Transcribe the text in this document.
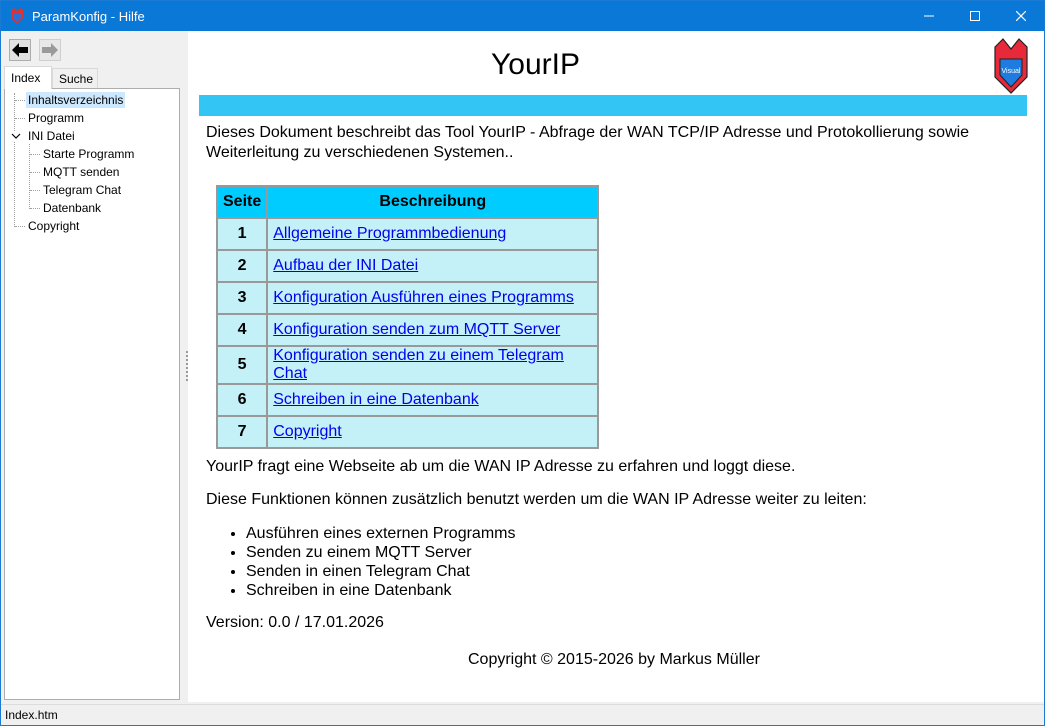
ParamKonfig - Hilfe
Index	Suche
Inhaltsverzeichnis
Programm
INI Datei
Starte Programm
MQTT senden
Telegram Chat
Datenbank
Copyright
YourIP	Visual
Dieses Dokument beschreibt das Tool YourIP - Abfrage der WAN TCP/IP Adresse und Protokollierung sowie Weiterleitung zu verschiedenen Systemen..
Seite	Beschreibung
1	Allgemeine Programmbedienung
2	Aufbau der INI Datei
3	Konfiguration Ausführen eines Programms
4	Konfiguration senden zum MQTT Server
5	Konfiguration senden zu einem Telegram Chat
6	Schreiben in eine Datenbank
7	Copyright
YourIP fragt eine Webseite ab um die WAN IP Adresse zu erfahren und loggt diese.
Diese Funktionen können zusätzlich benutzt werden um die WAN IP Adresse weiter zu leiten:
• Ausführen eines externen Programms
• Senden zu einem MQTT Server
• Senden in einen Telegram Chat
• Schreiben in eine Datenbank
Version: 0.0 / 17.01.2026
Copyright © 2015-2026 by Markus Müller
Index.htm
